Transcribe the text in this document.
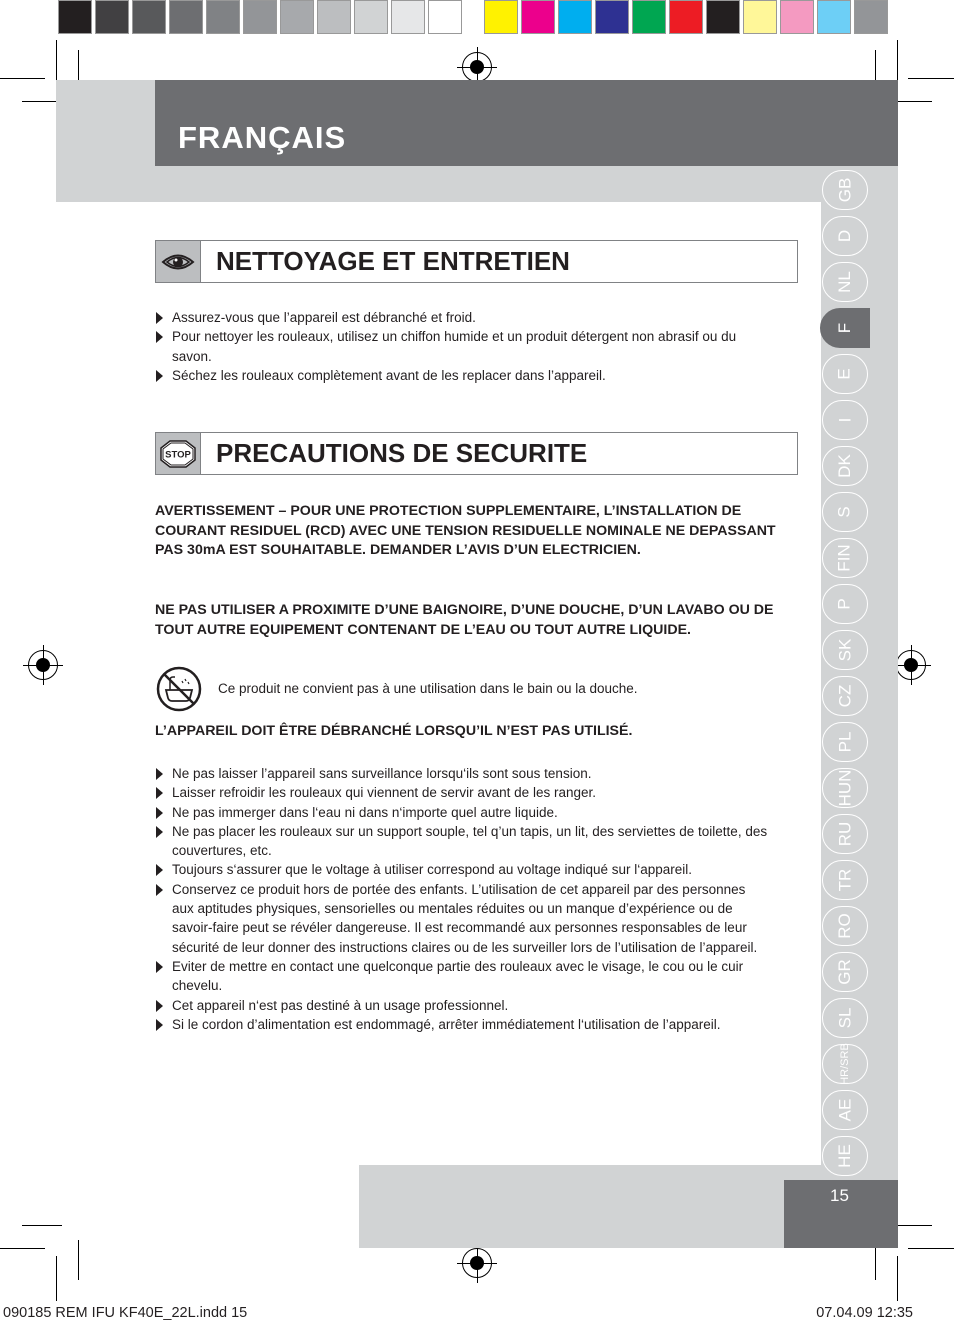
FRANÇAIS
GB
D
NL
F
E
I
DK
S
FIN
P
SK
CZ
PL
HUN
RU
TR
RO
GR
SL
HR/SRB
AE
HE
NETTOYAGE ET ENTRETIEN
Assurez-vous que l’appareil est débranché et froid.
Pour nettoyer les rouleaux, utilisez un chiffon humide et un produit détergent non abrasif ou du savon.
Séchez les rouleaux complètement avant de les replacer dans l’appareil.
STOP PRECAUTIONS DE SECURITE

AVERTISSEMENT – POUR UNE PROTECTION SUPPLEMENTAIRE, L’INSTALLATION DE COURANT RESIDUEL (RCD) AVEC UNE TENSION RESIDUELLE NOMINALE NE DEPASSANT PAS 30mA EST SOUHAITABLE. DEMANDER L’AVIS D’UN ELECTRICIEN.

NE PAS UTILISER A PROXIMITE D’UNE BAIGNOIRE, D’UNE DOUCHE, D’UN LAVABO OU DE TOUT AUTRE EQUIPEMENT CONTENANT DE L’EAU OU TOUT AUTRE LIQUIDE.

Ce produit ne convient pas à une utilisation dans le bain ou la douche.

L’APPAREIL DOIT ÊTRE DÉBRANCHÉ LORSQU’IL N’EST PAS UTILISÉ.

Ne pas laisser l’appareil sans surveillance lorsqu‘ils sont sous tension.
Laisser refroidir les rouleaux qui viennent de servir avant de les ranger.
Ne pas immerger dans l‘eau ni dans n‘importe quel autre liquide.
Ne pas placer les rouleaux sur un support souple, tel q’un tapis, un lit, des serviettes de toilette, des couvertures, etc.
Toujours s‘assurer que le voltage à utiliser correspond au voltage indiqué sur l‘appareil.
Conservez ce produit hors de portée des enfants. L’utilisation de cet appareil par des personnes aux aptitudes physiques, sensorielles ou mentales réduites ou un manque d’expérience ou de savoir-faire peut se révéler dangereuse. Il est recommandé aux personnes responsables de leur sécurité de leur donner des instructions claires ou de les surveiller lors de l’utilisation de l’appareil.
Eviter de mettre en contact une quelconque partie des rouleaux avec le visage, le cou ou le cuir chevelu.
Cet appareil n‘est pas destiné à un usage professionnel.
Si le cordon d’alimentation est endommagé, arrêter immédiatement l‘utilisation de l’appareil.
15
090185 REM IFU KF40E_22L.indd 15	07.04.09 12:35
